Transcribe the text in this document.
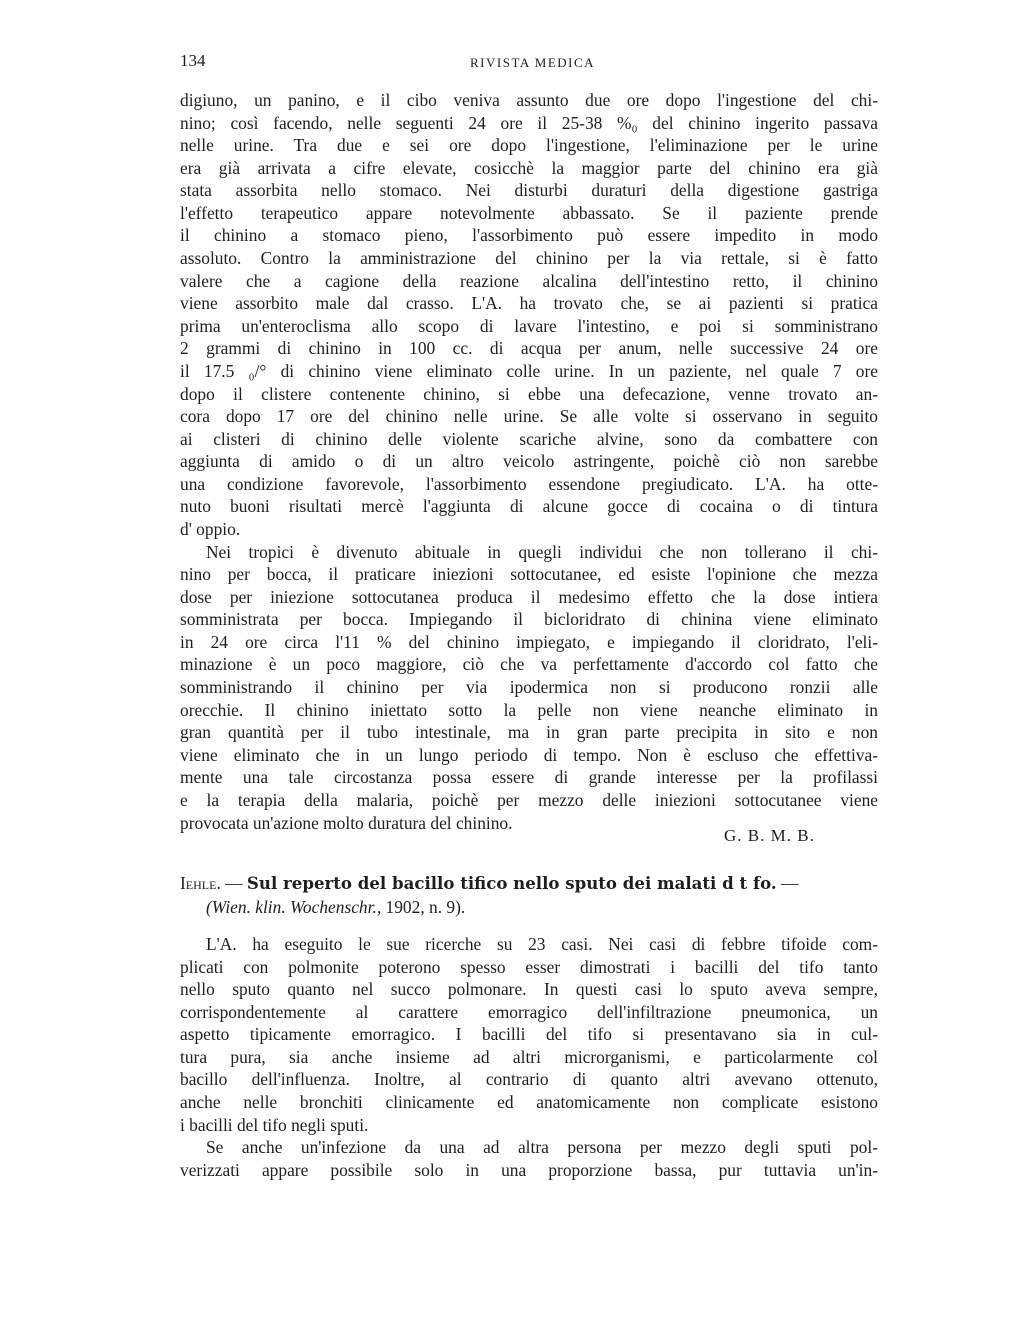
134	RIVISTA MEDICA
digiuno, un panino, e il cibo veniva assunto due ore dopo l'ingestione del chi-
nino; così facendo, nelle seguenti 24 ore il 25-38 %₀ del chinino ingerito passava
nelle urine. Tra due e sei ore dopo l'ingestione, l'eliminazione per le urine
era già arrivata a cifre elevate, cosicchè la maggior parte del chinino era già
stata assorbita nello stomaco. Nei disturbi duraturi della digestione gastriga
l'effetto terapeutico appare notevolmente abbassato. Se il paziente prende
il chinino a stomaco pieno, l'assorbimento può essere impedito in modo
assoluto. Contro la amministrazione del chinino per la via rettale, si è fatto
valere che a cagione della reazione alcalina dell'intestino retto, il chinino
viene assorbito male dal crasso. L'A. ha trovato che, se ai pazienti si pratica
prima un'enteroclisma allo scopo di lavare l'intestino, e poi si somministrano
2 grammi di chinino in 100 cc. di acqua per anum, nelle successive 24 ore
il 17.5 ₀/° di chinino viene eliminato colle urine. In un paziente, nel quale 7 ore
dopo il clistere contenente chinino, si ebbe una defecazione, venne trovato an-
cora dopo 17 ore del chinino nelle urine. Se alle volte si osservano in seguito
ai clisteri di chinino delle violente scariche alvine, sono da combattere con
aggiunta di amido o di un altro veicolo astringente, poichè ciò non sarebbe
una condizione favorevole, l'assorbimento essendone pregiudicato. L'A. ha otte-
nuto buoni risultati mercè l'aggiunta di alcune gocce di cocaina o di tintura
d' oppio.
Nei tropici è divenuto abituale in quegli individui che non tollerano il chi-
nino per bocca, il praticare iniezioni sottocutanee, ed esiste l'opinione che mezza
dose per iniezione sottocutanea produca il medesimo effetto che la dose intiera
somministrata per bocca. Impiegando il bicloridrato di chinina viene eliminato
in 24 ore circa l'11 % del chinino impiegato, e impiegando il cloridrato, l'eli-
minazione è un poco maggiore, ciò che va perfettamente d'accordo col fatto che
somministrando il chinino per via ipodermica non si producono ronzii alle
orecchie. Il chinino iniettato sotto la pelle non viene neanche eliminato in
gran quantità per il tubo intestinale, ma in gran parte precipita in sito e non
viene eliminato che in un lungo periodo di tempo. Non è escluso che effettiva-
mente una tale circostanza possa essere di grande interesse per la profilassi
e la terapia della malaria, poichè per mezzo delle iniezioni sottocutanee viene
provocata un'azione molto duratura del chinino.
G. B. M. B.
Iehle. — Sul reperto del bacillo tifico nello sputo dei malati d t fo. —
(Wien. klin. Wochenschr., 1902, n. 9).
L'A. ha eseguito le sue ricerche su 23 casi. Nei casi di febbre tifoide com-
plicati con polmonite poterono spesso esser dimostrati i bacilli del tifo tanto
nello sputo quanto nel succo polmonare. In questi casi lo sputo aveva sempre,
corrispondentemente al carattere emorragico dell'infiltrazione pneumonica, un
aspetto tipicamente emorragico. I bacilli del tifo si presentavano sia in cul-
tura pura, sia anche insieme ad altri microrganismi, e particolarmente col
bacillo dell'influenza. Inoltre, al contrario di quanto altri avevano ottenuto,
anche nelle bronchiti clinicamente ed anatomicamente non complicate esistono
i bacilli del tifo negli sputi.
Se anche un'infezione da una ad altra persona per mezzo degli sputi pol-
verizzati appare possibile solo in una proporzione bassa, pur tuttavia un'in-
